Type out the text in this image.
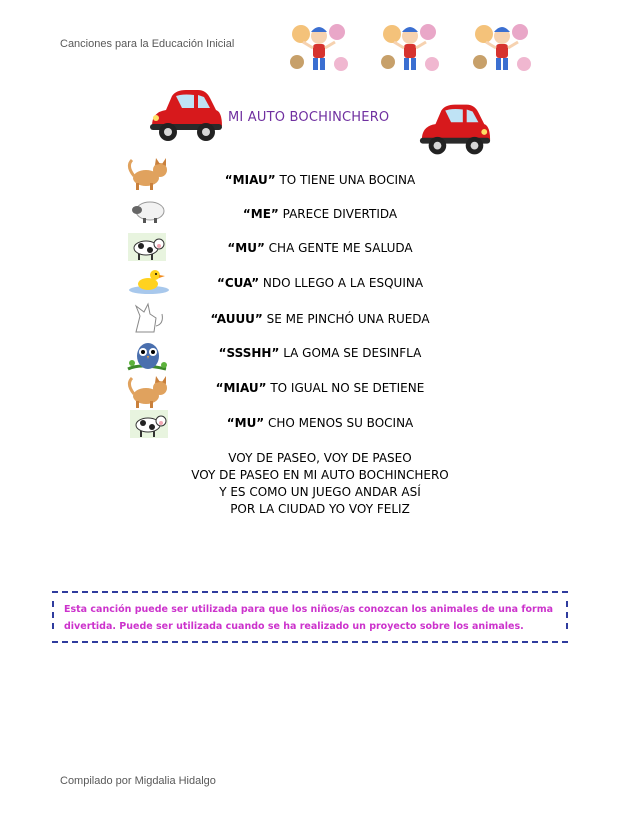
Canciones para la Educación Inicial
MI AUTO BOCHINCHERO
“MIAU” TO TIENE UNA BOCINA
“ME” PARECE DIVERTIDA
“MU” CHA GENTE ME SALUDA
“CUA” NDO LLEGO A LA ESQUINA
“AUUU” SE ME PINCHÓ UNA RUEDA
“SSSHH” LA GOMA SE DESINFLA
“MIAU” TO IGUAL NO SE DETIENE
“MU” CHO MENOS SU BOCINA
VOY DE PASEO, VOY DE PASEO
VOY DE PASEO EN MI AUTO BOCHINCHERO
Y ES COMO UN JUEGO ANDAR ASÍ
POR LA CIUDAD YO VOY FELIZ
Esta canción puede ser utilizada para que los niños/as conozcan los animales de una forma divertida. Puede ser utilizada cuando se ha realizado un proyecto sobre los animales.
Compilado por Migdalia Hidalgo
